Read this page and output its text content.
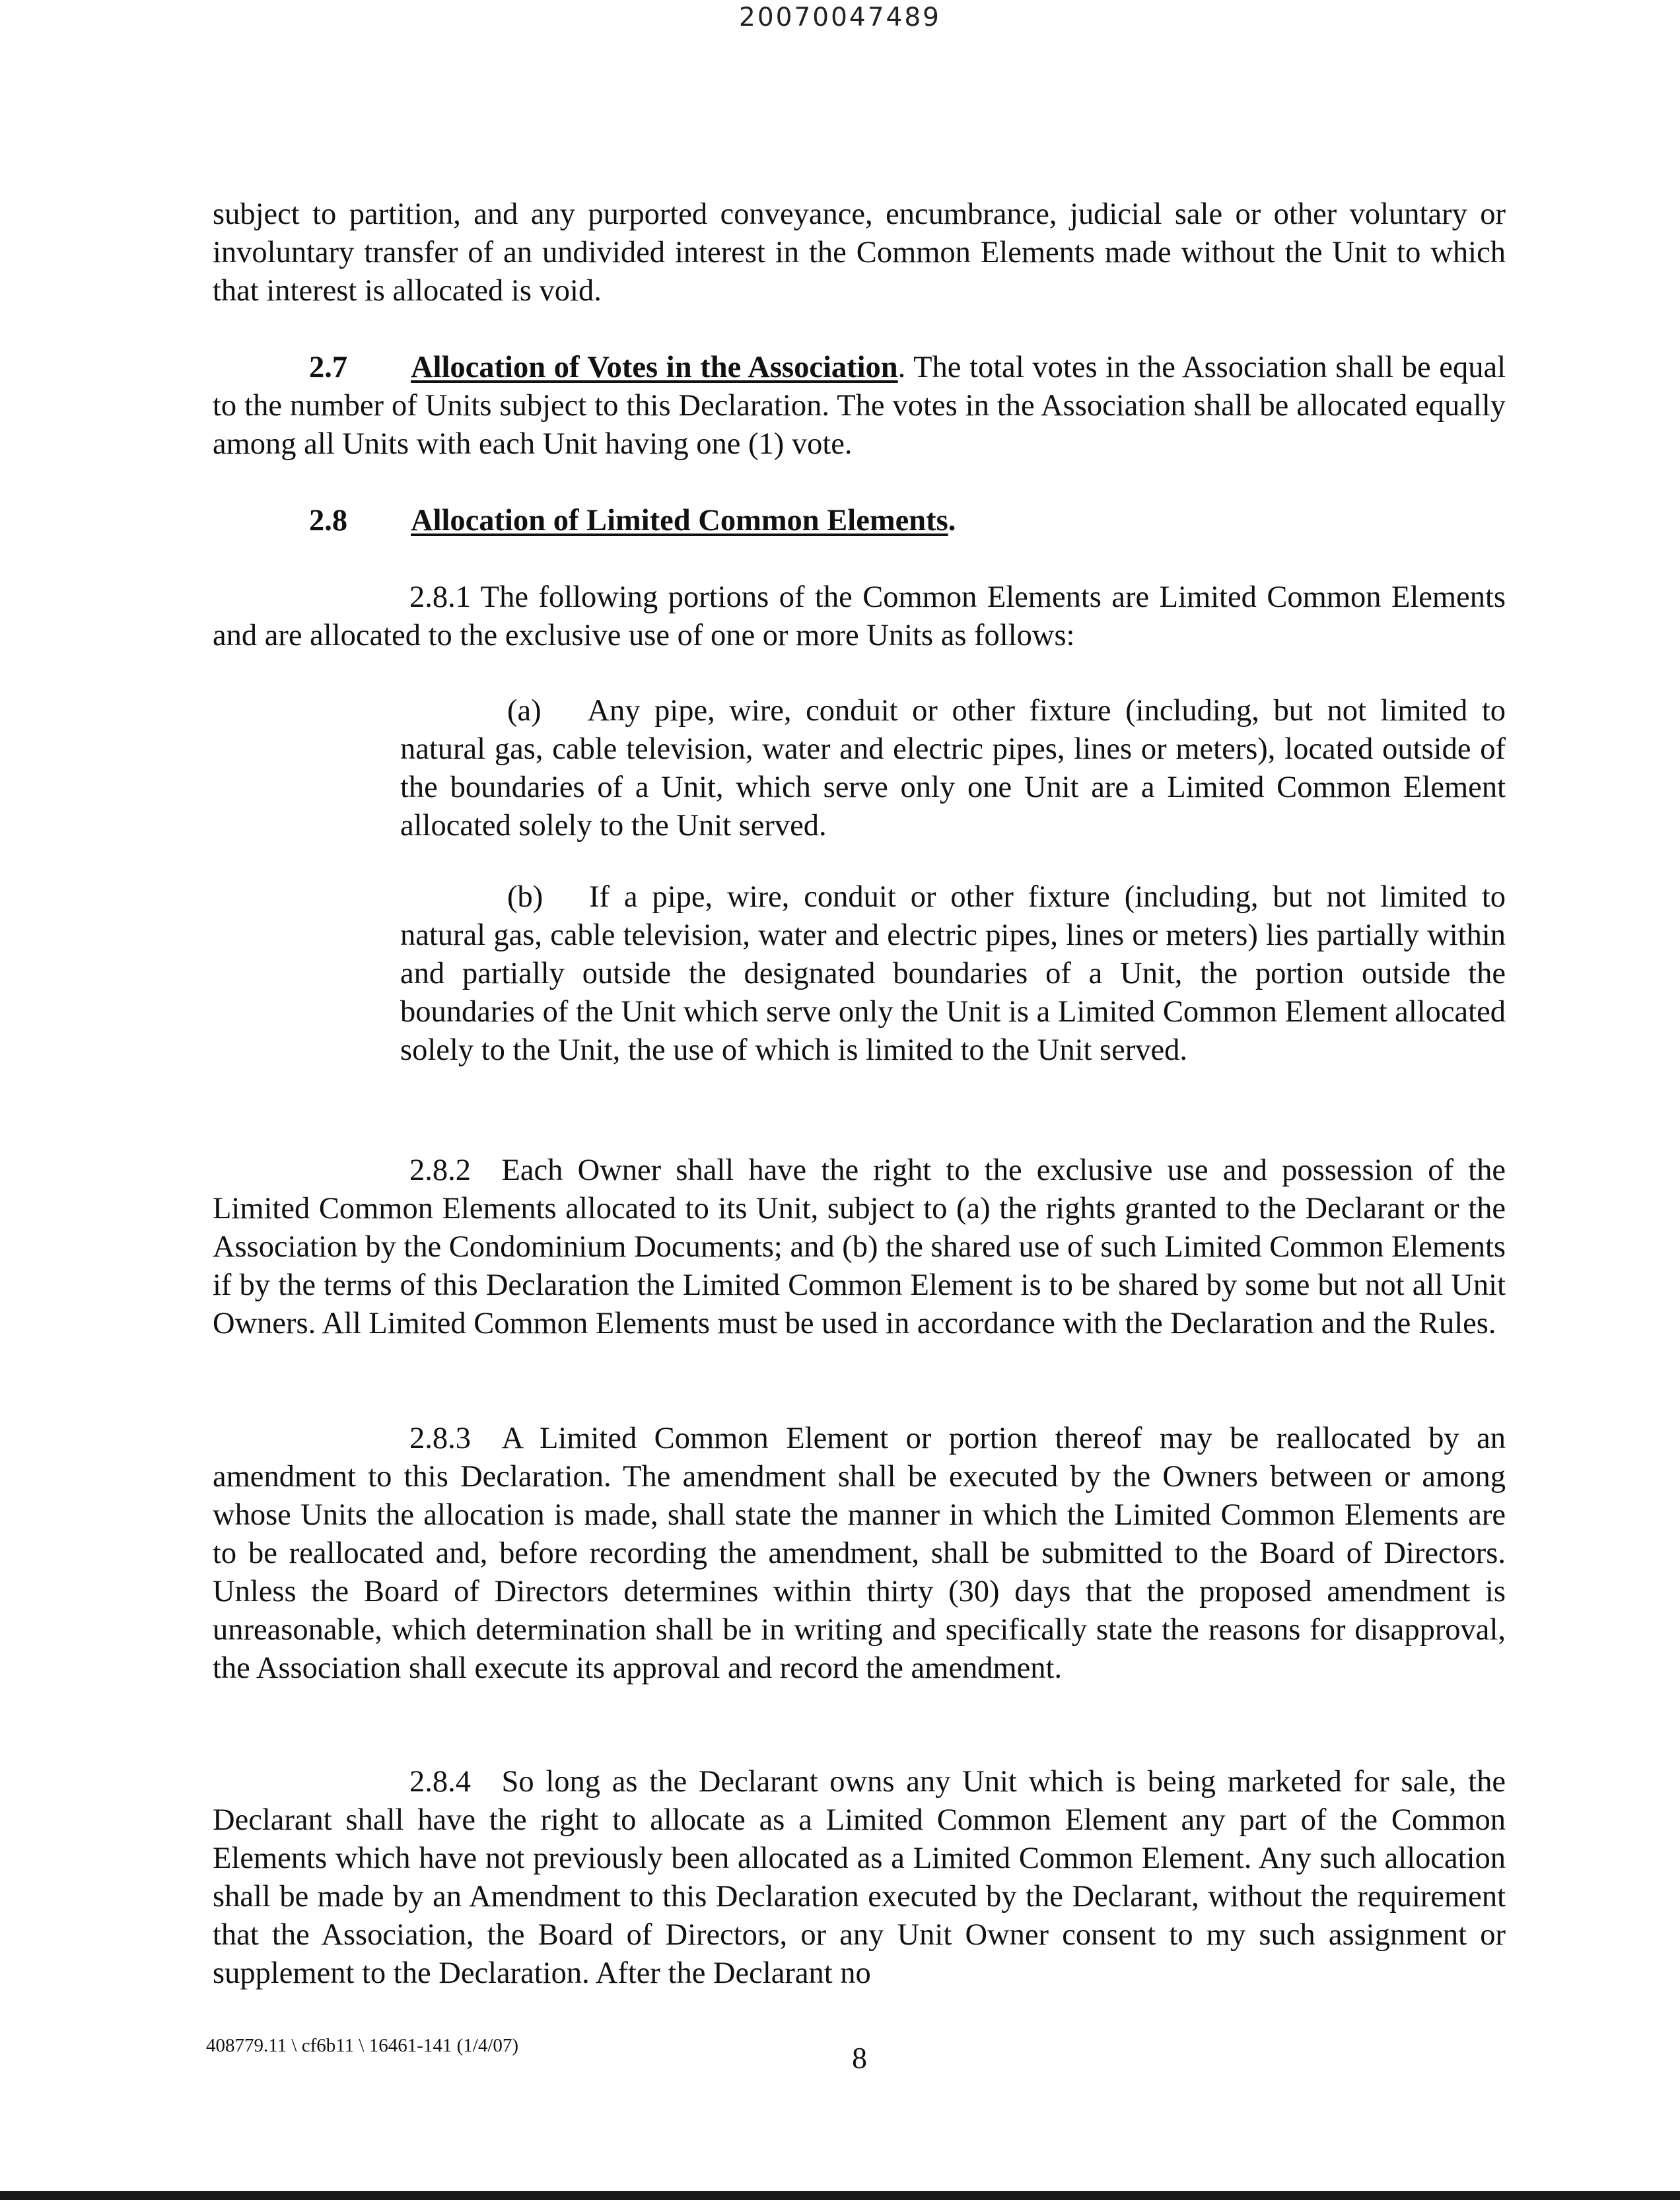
20070047489

subject to partition, and any purported conveyance, encumbrance, judicial sale or other voluntary or involuntary transfer of an undivided interest in the Common Elements made without the Unit to which that interest is allocated is void.

2.7 Allocation of Votes in the Association. The total votes in the Association shall be equal to the number of Units subject to this Declaration. The votes in the Association shall be allocated equally among all Units with each Unit having one (1) vote.

2.8 Allocation of Limited Common Elements.

2.8.1 The following portions of the Common Elements are Limited Common Elements and are allocated to the exclusive use of one or more Units as follows:

(a)  Any pipe, wire, conduit or other fixture (including, but not limited to natural gas, cable television, water and electric pipes, lines or meters), located outside of the boundaries of a Unit, which serve only one Unit are a Limited Common Element allocated solely to the Unit served.

(b)  If a pipe, wire, conduit or other fixture (including, but not limited to natural gas, cable television, water and electric pipes, lines or meters) lies partially within and partially outside the designated boundaries of a Unit, the portion outside the boundaries of the Unit which serve only the Unit is a Limited Common Element allocated solely to the Unit, the use of which is limited to the Unit served.

2.8.2 Each Owner shall have the right to the exclusive use and possession of the Limited Common Elements allocated to its Unit, subject to (a) the rights granted to the Declarant or the Association by the Condominium Documents; and (b) the shared use of such Limited Common Elements if by the terms of this Declaration the Limited Common Element is to be shared by some but not all Unit Owners. All Limited Common Elements must be used in accordance with the Declaration and the Rules.

2.8.3 A Limited Common Element or portion thereof may be reallocated by an amendment to this Declaration. The amendment shall be executed by the Owners between or among whose Units the allocation is made, shall state the manner in which the Limited Common Elements are to be reallocated and, before recording the amendment, shall be submitted to the Board of Directors. Unless the Board of Directors determines within thirty (30) days that the proposed amendment is unreasonable, which determination shall be in writing and specifically state the reasons for disapproval, the Association shall execute its approval and record the amendment.

2.8.4 So long as the Declarant owns any Unit which is being marketed for sale, the Declarant shall have the right to allocate as a Limited Common Element any part of the Common Elements which have not previously been allocated as a Limited Common Element. Any such allocation shall be made by an Amendment to this Declaration executed by the Declarant, without the requirement that the Association, the Board of Directors, or any Unit Owner consent to my such assignment or supplement to the Declaration. After the Declarant no

408779.11 \ cf6b11 \ 16461-141 (1/4/07)	8
